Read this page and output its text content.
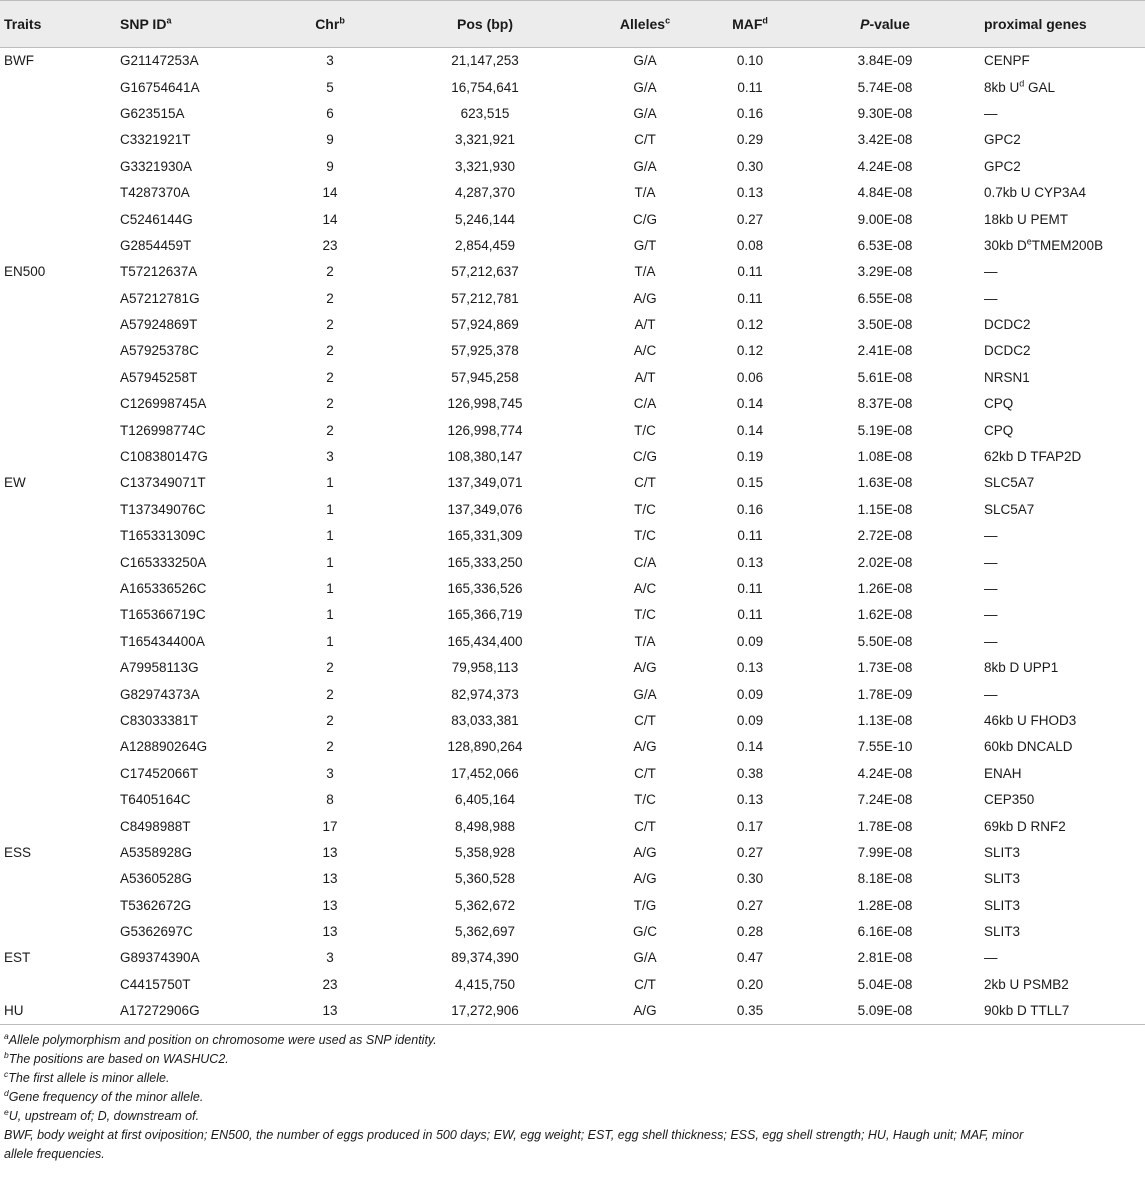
Traits	SNP $ID^a$	Chr$^b$	Pos (bp)	Alleles$^c$	MAF$^d$	P-value	proximal genes
BWF	G21147253A	3	21,147,253	G/A	0.10	3.84E-09	CENPF
	G16754641A	5	16,754,641	G/A	0.11	5.74E-08	8kb $U^d$ GAL
	G623515A	6	623,515	G/A	0.16	9.30E-08	—
	C3321921T	9	3,321,921	C/T	0.29	3.42E-08	GPC2
	G3321930A	9	3,321,930	G/A	0.30	4.24E-08	GPC2
	T4287370A	14	4,287,370	T/A	0.13	4.84E-08	0.7kb U CYP3A4
	C5246144G	14	5,246,144	C/G	0.27	9.00E-08	18kb U PEMT
	G2854459T	23	2,854,459	G/T	0.08	6.53E-08	30kb DeTMEM200B
EN500	T57212637A	2	57,212,637	T/A	0.11	3.29E-08	—
	A57212781G	2	57,212,781	A/G	0.11	6.55E-08	—
	A57924869T	2	57,924,869	A/T	0.12	3.50E-08	DCDC2
	A57925378C	2	57,925,378	A/C	0.12	2.41E-08	DCDC2
	A57945258T	2	57,945,258	A/T	0.06	5.61E-08	NRSN1
	C126998745A	2	126,998,745	C/A	0.14	8.37E-08	CPQ
	T126998774C	2	126,998,774	T/C	0.14	5.19E-08	CPQ
	C108380147G	3	108,380,147	C/G	0.19	1.08E-08	62kb D TFAP2D
EW	C137349071T	1	137,349,071	C/T	0.15	1.63E-08	SLC5A7
	T137349076C	1	137,349,076	T/C	0.16	1.15E-08	SLC5A7
	T165331309C	1	165,331,309	T/C	0.11	2.72E-08	—
	C165333250A	1	165,333,250	C/A	0.13	2.02E-08	—
	A165336526C	1	165,336,526	A/C	0.11	1.26E-08	—
	T165366719C	1	165,366,719	T/C	0.11	1.62E-08	—
	T165434400A	1	165,434,400	T/A	0.09	5.50E-08	—
	A79958113G	2	79,958,113	A/G	0.13	1.73E-08	8kb D UPP1
	G82974373A	2	82,974,373	G/A	0.09	1.78E-09	—
	C83033381T	2	83,033,381	C/T	0.09	1.13E-08	46kb U FHOD3
	A128890264G	2	128,890,264	A/G	0.14	7.55E-10	60kb DNCALD
	C17452066T	3	17,452,066	C/T	0.38	4.24E-08	ENAH
	T6405164C	8	6,405,164	T/C	0.13	7.24E-08	CEP350
	C8498988T	17	8,498,988	C/T	0.17	1.78E-08	69kb D RNF2
ESS	A5358928G	13	5,358,928	A/G	0.27	7.99E-08	SLIT3
	A5360528G	13	5,360,528	A/G	0.30	8.18E-08	SLIT3
	T5362672G	13	5,362,672	T/G	0.27	1.28E-08	SLIT3
	G5362697C	13	5,362,697	G/C	0.28	6.16E-08	SLIT3
EST	G89374390A	3	89,374,390	G/A	0.47	2.81E-08	—
	C4415750T	23	4,415,750	C/T	0.20	5.04E-08	2kb U PSMB2
HU	A17272906G	13	17,272,906	A/G	0.35	5.09E-08	90kb D TTLL7
$^a$Allele polymorphism and position on chromosome were used as SNP identity.
$^b$The positions are based on WASHUC2.
$^c$The first allele is minor allele.
$^d$Gene frequency of the minor allele.
$^e$U, upstream of; D, downstream of.
BWF, body weight at first oviposition; EN500, the number of eggs produced in 500 days; EW, egg weight; EST, egg shell thickness; ESS, egg shell strength; HU, Haugh unit; MAF, minor
allele frequencies.
